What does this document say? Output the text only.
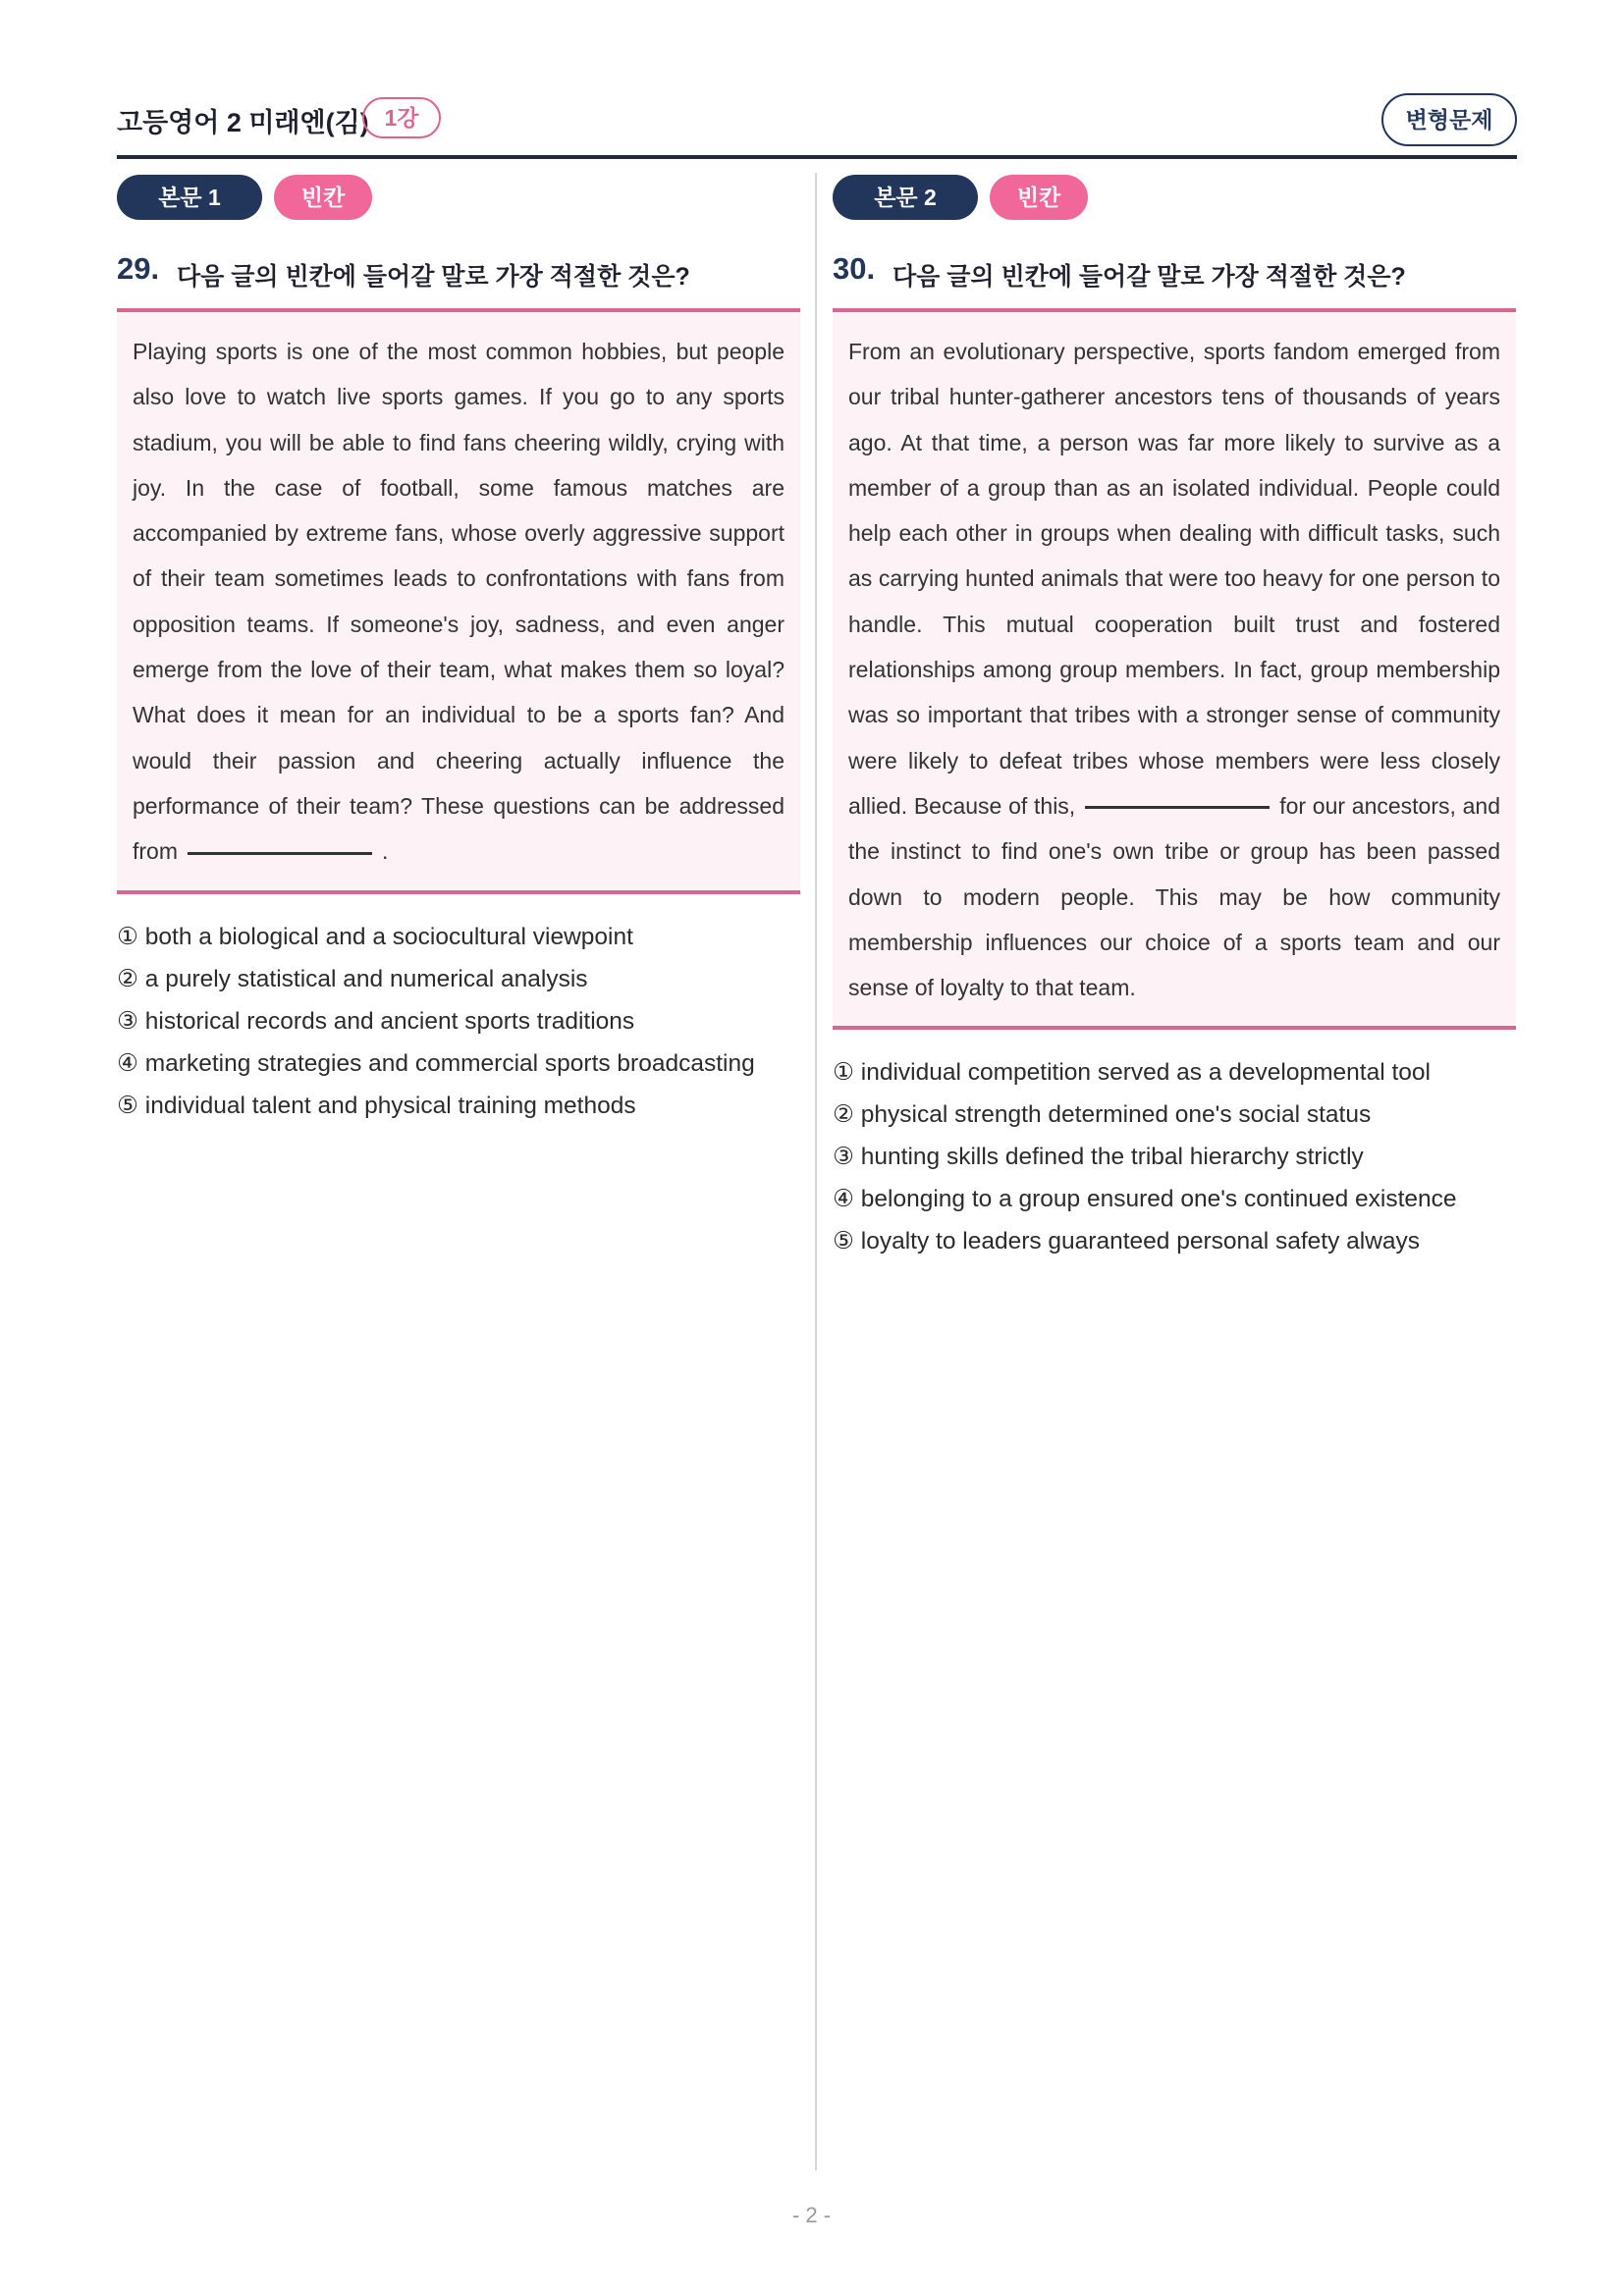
고등영어 2 미래엔(김) 1강	변형문제
본문 1	빈칸
29. 다음 글의 빈칸에 들어갈 말로 가장 적절한 것은?

Playing sports is one of the most common hobbies, but people also love to watch live sports games. If you go to any sports stadium, you will be able to find fans cheering wildly, crying with joy. In the case of football, some famous matches are accompanied by extreme fans, whose overly aggressive support of their team sometimes leads to confrontations with fans from opposition teams. If someone's joy, sadness, and even anger emerge from the love of their team, what makes them so loyal? What does it mean for an individual to be a sports fan? And would their passion and cheering actually influence the performance of their team? These questions can be addressed from	.

① both a biological and a sociocultural viewpoint
② a purely statistical and numerical analysis
③ historical records and ancient sports traditions
④ marketing strategies and commercial sports broadcasting
⑤ individual talent and physical training methods
본문 2	빈칸
30. 다음 글의 빈칸에 들어갈 말로 가장 적절한 것은?

From an evolutionary perspective, sports fandom emerged from our tribal hunter-gatherer ancestors tens of thousands of years ago. At that time, a person was far more likely to survive as a member of a group than as an isolated individual. People could help each other in groups when dealing with difficult tasks, such as carrying hunted animals that were too heavy for one person to handle. This mutual cooperation built trust and fostered relationships among group members. In fact, group membership was so important that tribes with a stronger sense of community were likely to defeat tribes whose members were less closely allied. Because of this,	for our ancestors, and the instinct to find one's own tribe or group has been passed down to modern people. This may be how community membership influences our choice of a sports team and our sense of loyalty to that team.

① individual competition served as a developmental tool
② physical strength determined one's social status
③ hunting skills defined the tribal hierarchy strictly
④ belonging to a group ensured one's continued existence
⑤ loyalty to leaders guaranteed personal safety always
- 2 -
